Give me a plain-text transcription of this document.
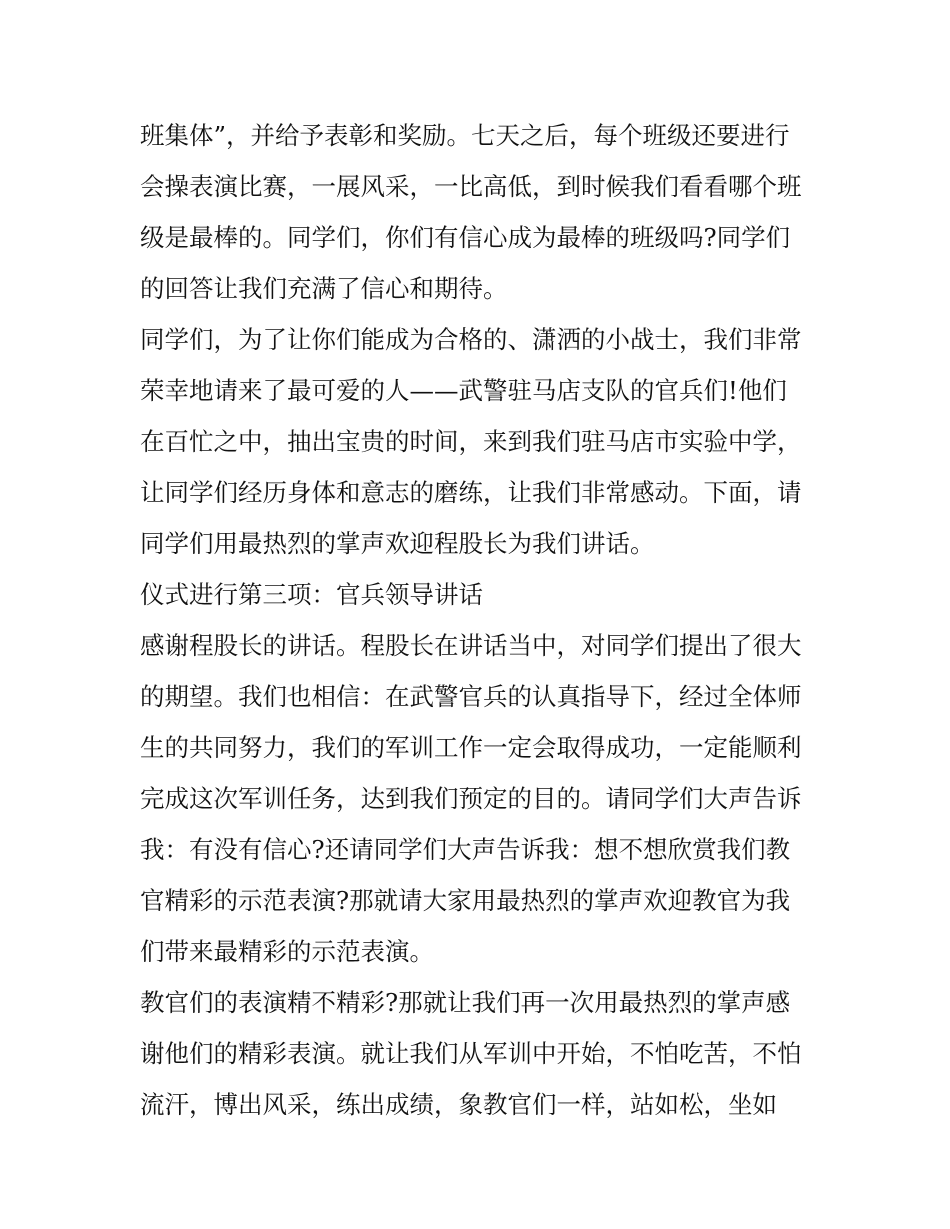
班集体”，并给予表彰和奖励。七天之后，每个班级还要进行
会操表演比赛，一展风采，一比高低，到时候我们看看哪个班
级是最棒的。同学们，你们有信心成为最棒的班级吗?同学们
的回答让我们充满了信心和期待。
同学们，为了让你们能成为合格的、潇洒的小战士，我们非常
荣幸地请来了最可爱的人——武警驻马店支队的官兵们!他们
在百忙之中，抽出宝贵的时间，来到我们驻马店市实验中学，
让同学们经历身体和意志的磨练，让我们非常感动。下面，请
同学们用最热烈的掌声欢迎程股长为我们讲话。
仪式进行第三项：官兵领导讲话
感谢程股长的讲话。程股长在讲话当中，对同学们提出了很大
的期望。我们也相信：在武警官兵的认真指导下，经过全体师
生的共同努力，我们的军训工作一定会取得成功，一定能顺利
完成这次军训任务，达到我们预定的目的。请同学们大声告诉
我：有没有信心?还请同学们大声告诉我：想不想欣赏我们教
官精彩的示范表演?那就请大家用最热烈的掌声欢迎教官为我
们带来最精彩的示范表演。
教官们的表演精不精彩?那就让我们再一次用最热烈的掌声感
谢他们的精彩表演。就让我们从军训中开始，不怕吃苦，不怕
流汗，博出风采，练出成绩，象教官们一样，站如松，坐如
